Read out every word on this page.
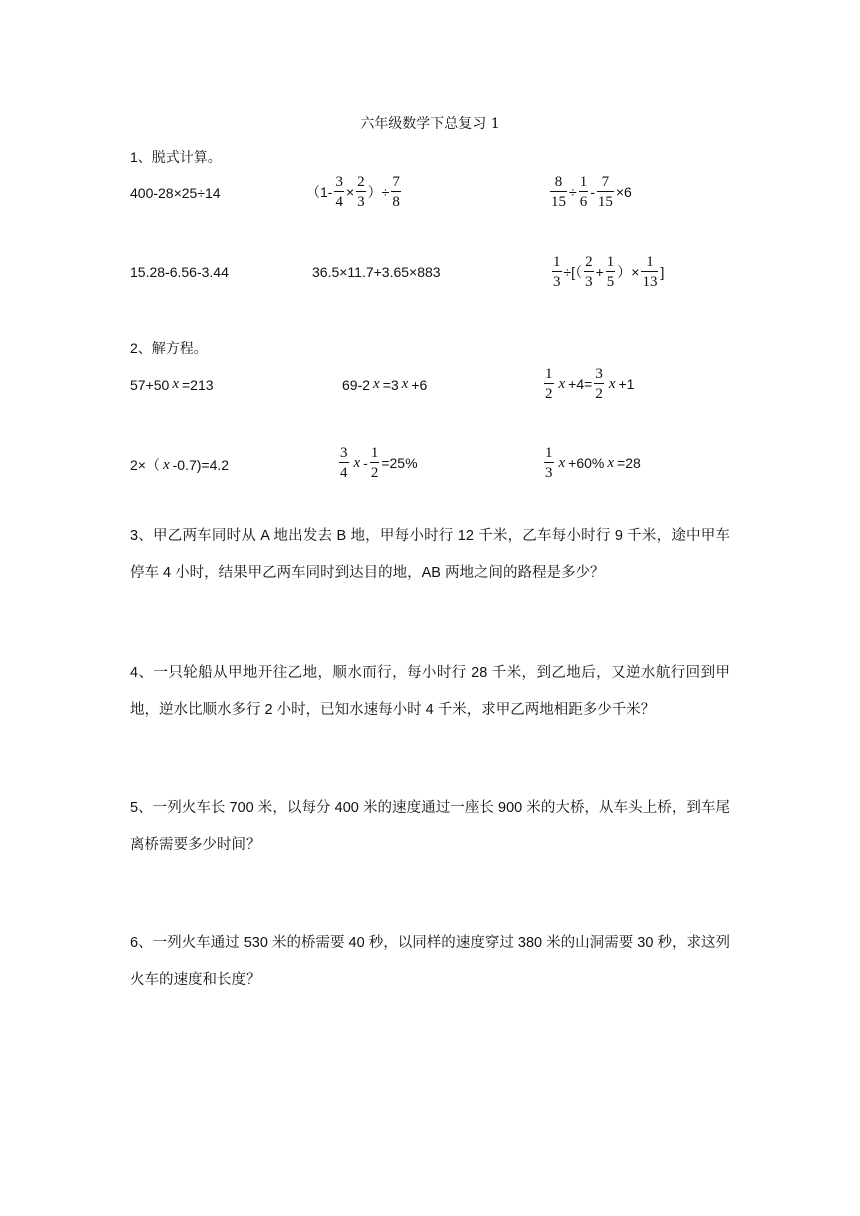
六年级数学下总复习 1
1、脱式计算。
400-28×25÷14	（$1- \frac{3}{4} \times \frac{2}{3}$ ）÷ $\frac{7}{8}$	$\frac{8}{15} \div \frac{1}{6} - \frac{7}{15} \times 6$
15.28-6.56-3.44	36.5×11.7+3.65×883	$\frac{1}{3}$ ÷[（ $\frac{2}{3} + \frac{1}{5}$ ）× $\frac{1}{13}$ ]
2、解方程。
57+50 x =213	69-2 x =3 x +6	$\frac{1}{2}$ $x +4= \frac{3}{2}$ x +1
2×（ x -0.7)=4.2	$\frac{3}{4}$ $x - \frac{1}{2} =25\%$	$\frac{1}{3}$ x +60% x =28
3、甲乙两车同时从 A 地出发去 B 地，甲每小时行 12 千米，乙车每小时行 9 千米，途中甲车停车 4 小时，结果甲乙两车同时到达目的地，AB 两地之间的路程是多少？
4、一只轮船从甲地开往乙地，顺水而行，每小时行 28 千米，到乙地后，又逆水航行回到甲地，逆水比顺水多行 2 小时，已知水速每小时 4 千米，求甲乙两地相距多少千米？
5、一列火车长 700 米，以每分 400 米的速度通过一座长 900 米的大桥，从车头上桥，到车尾离桥需要多少时间？
6、一列火车通过 530 米的桥需要 40 秒，以同样的速度穿过 380 米的山洞需要 30 秒，求这列火车的速度和长度？
